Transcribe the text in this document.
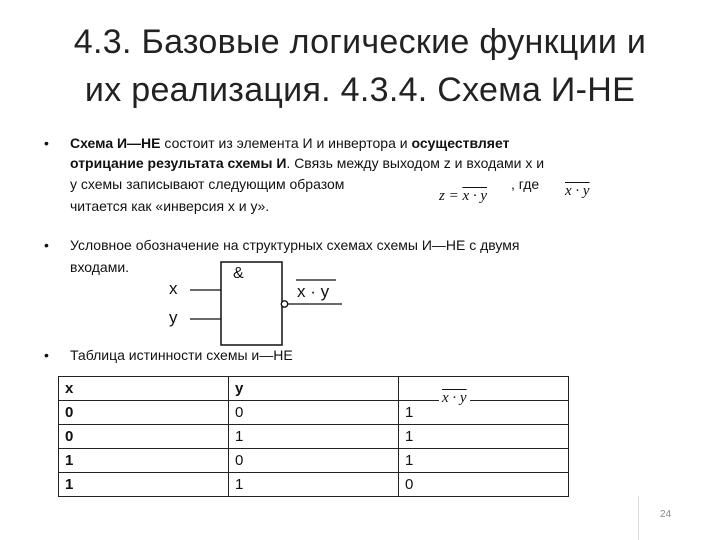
4.3. Базовые логические функции и
их реализация. 4.3.4. Схема И-НЕ
• Схема И—НЕ состоит из элемента И и инвертора и осуществляет
отрицание результата схемы И. Связь между выходом z и входами x и
y схемы записывают следующим образом	, где
читается как «инверсия x и y».
z = x · y	x · y
• Условное обозначение на структурных схемах схемы И—НЕ с двумя
входами.	&
x
y
x · y
• Таблица истинности схемы и—НЕ
x	y	x · y
0	0	1
0	1	1
1	0	1
1	1	0
24
